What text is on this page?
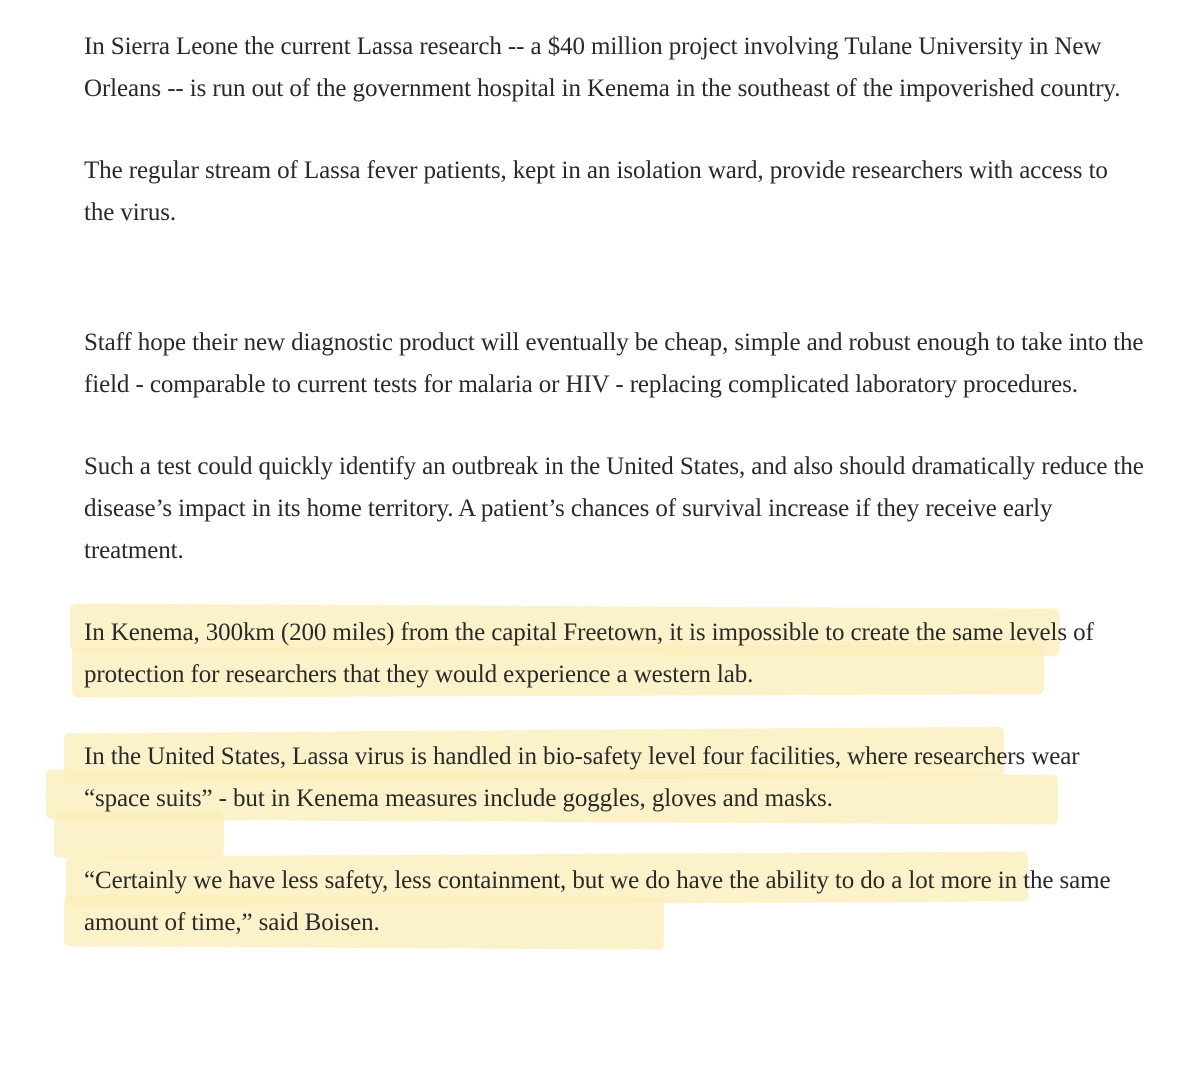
In Sierra Leone the current Lassa research -- a $40 million project involving Tulane University in New Orleans -- is run out of the government hospital in Kenema in the southeast of the impoverished country.

The regular stream of Lassa fever patients, kept in an isolation ward, provide researchers with access to the virus.

Staff hope their new diagnostic product will eventually be cheap, simple and robust enough to take into the field - comparable to current tests for malaria or HIV - replacing complicated laboratory procedures.

Such a test could quickly identify an outbreak in the United States, and also should dramatically reduce the disease’s impact in its home territory. A patient’s chances of survival increase if they receive early treatment.

In Kenema, 300km (200 miles) from the capital Freetown, it is impossible to create the same levels of protection for researchers that they would experience a western lab.

In the United States, Lassa virus is handled in bio-safety level four facilities, where researchers wear “space suits” - but in Kenema measures include goggles, gloves and masks.

“Certainly we have less safety, less containment, but we do have the ability to do a lot more in the same amount of time,” said Boisen.
